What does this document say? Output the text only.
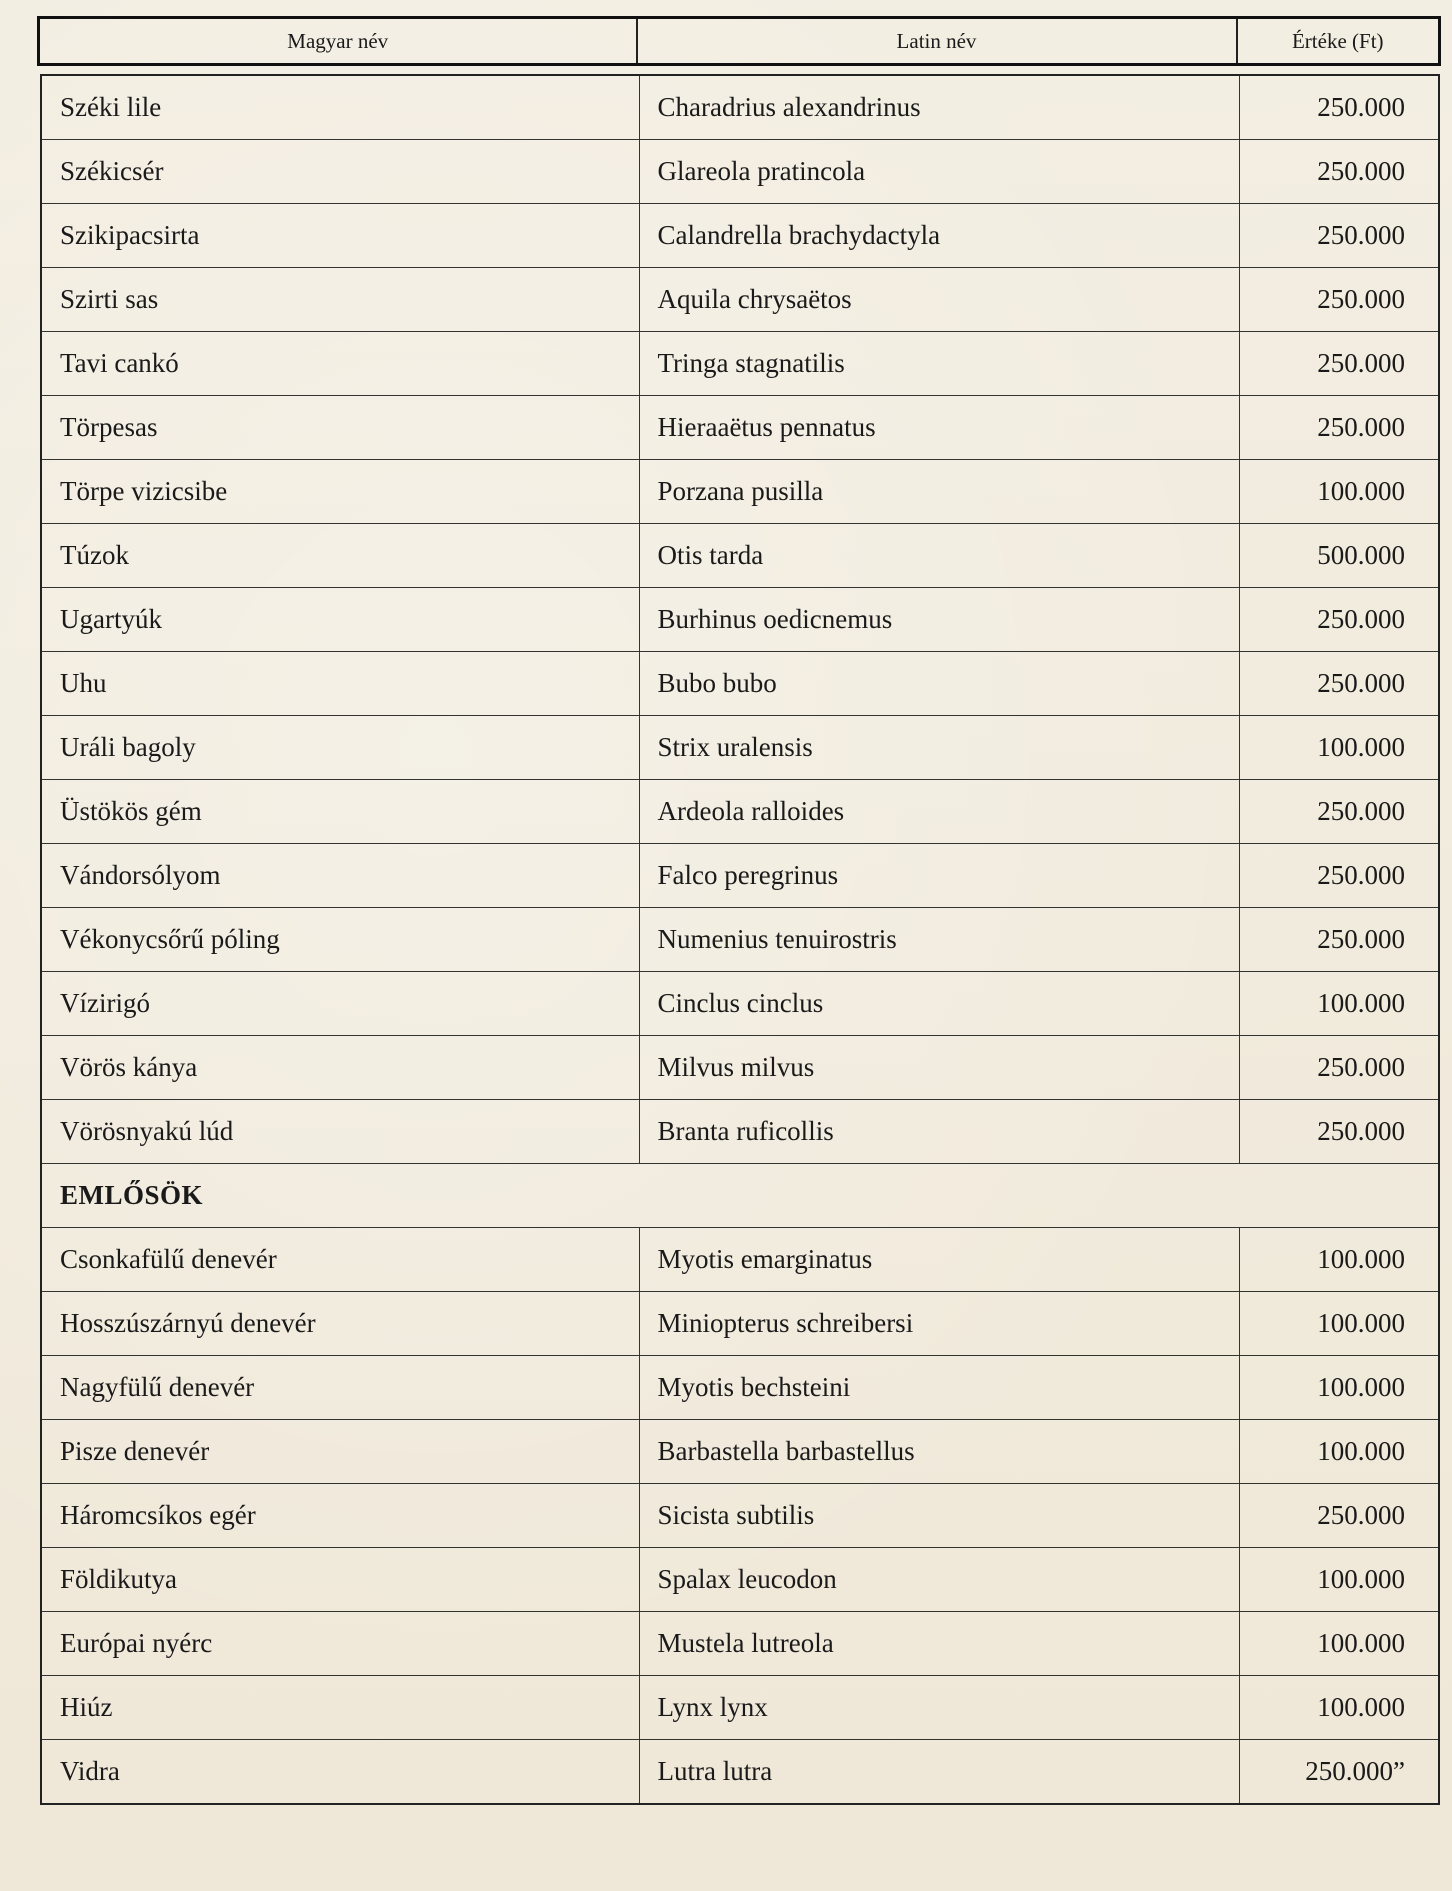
Magyar név	Latin név	Értéke (Ft)
Széki lile	Charadrius alexandrinus	250.000
Székicsér	Glareola pratincola	250.000
Szikipacsirta	Calandrella brachydactyla	250.000
Szirti sas	Aquila chrysaëtos	250.000
Tavi cankó	Tringa stagnatilis	250.000
Törpesas	Hieraaëtus pennatus	250.000
Törpe vizicsibe	Porzana pusilla	100.000
Túzok	Otis tarda	500.000
Ugartyúk	Burhinus oedicnemus	250.000
Uhu	Bubo bubo	250.000
Uráli bagoly	Strix uralensis	100.000
Üstökös gém	Ardeola ralloides	250.000
Vándorsólyom	Falco peregrinus	250.000
Vékonycsőrű póling	Numenius tenuirostris	250.000
Vízirigó	Cinclus cinclus	100.000
Vörös kánya	Milvus milvus	250.000
Vörösnyakú lúd	Branta ruficollis	250.000
EMLŐSÖK		
Csonkafülű denevér	Myotis emarginatus	100.000
Hosszúszárnyú denevér	Miniopterus schreibersi	100.000
Nagyfülű denevér	Myotis bechsteini	100.000
Pisze denevér	Barbastella barbastellus	100.000
Háromcsíkos egér	Sicista subtilis	250.000
Földikutya	Spalax leucodon	100.000
Európai nyérc	Mustela lutreola	100.000
Hiúz	Lynx lynx	100.000
Vidra	Lutra lutra	250.000”
